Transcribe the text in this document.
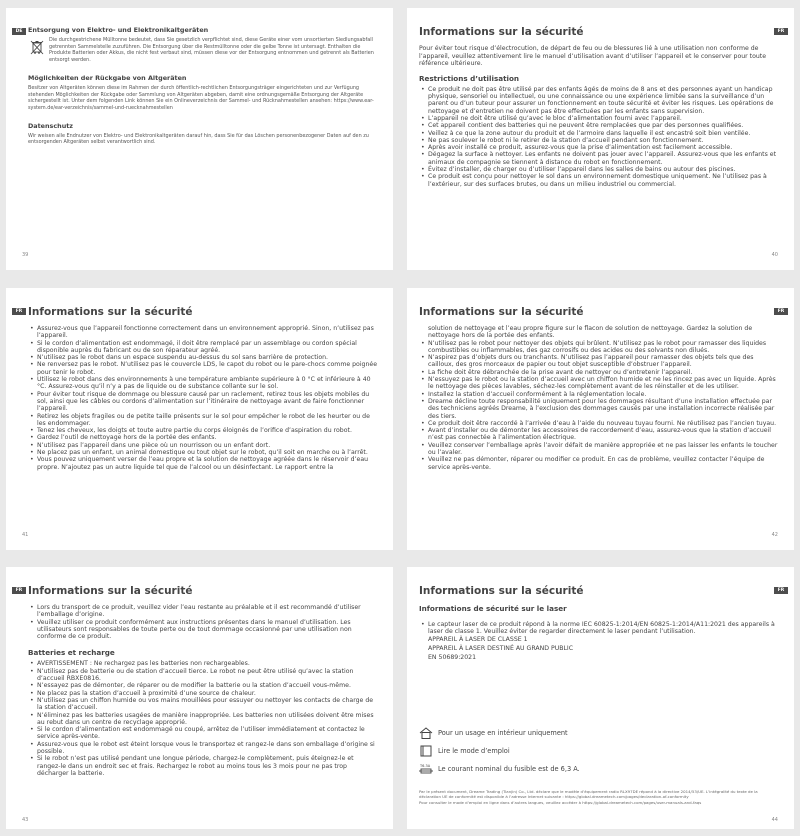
DE Entsorgung von Elektro- und Elektronikaltgeräten
Die durchgestrichene Mülltonne bedeutet, dass Sie gesetzlich verpflichtet sind, diese Geräte einer vom unsortierten Siedlungsabfall getrennten Sammelstelle zuzuführen. Die Entsorgung über die Restmülltonne oder die gelbe Tonne ist untersagt. Enthalten die Produkte Batterien oder Akkus, die nicht fest verbaut sind, müssen diese vor der Entsorgung entnommen und getrennt als Batterien entsorgt werden.
Möglichkeiten der Rückgabe von Altgeräten
Besitzer von Altgeräten können diese im Rahmen der durch öffentlich-rechtlichen Entsorgungsträger eingerichteten und zur Verfügung stehenden Möglichkeiten der Rückgabe oder Sammlung von Altgeräten abgeben, damit eine ordnungsgemäße Entsorgung der Altgeräte sichergestellt ist. Unter dem folgenden Link können Sie ein Onlineverzeichnis der Sammel- und Rücknahmestellen ansehen: https://www.ear-system.de/ear-verzeichnis/sammel-und-ruecknahmestellen
Datenschutz
Wir weisen alle Endnutzer von Elektro- und Elektronikaltgeräten darauf hin, dass Sie für das Löschen personenbezogener Daten auf den zu entsorgenden Altgeräten selbst verantwortlich sind.
39
FR
Informations sur la sécurité
Pour éviter tout risque d’électrocution, de départ de feu ou de blessures lié à une utilisation non conforme de l’appareil, veuillez attentivement lire le manuel d’utilisation avant d’utiliser l’appareil et le conserver pour toute référence ultérieure.
Restrictions d’utilisation
• Ce produit ne doit pas être utilisé par des enfants âgés de moins de 8 ans et des personnes ayant un handicap physique, sensoriel ou intellectuel, ou une connaissance ou une expérience limitée sans la surveillance d’un parent ou d’un tuteur pour assurer un fonctionnement en toute sécurité et éviter les risques. Les opérations de nettoyage et d’entretien ne doivent pas être effectuées par les enfants sans supervision.
• L’appareil ne doit être utilisé qu’avec le bloc d’alimentation fourni avec l’appareil.
• Cet appareil contient des batteries qui ne peuvent être remplacées que par des personnes qualifiées.
• Veillez à ce que la zone autour du produit et de l’armoire dans laquelle il est encastré soit bien ventilée.
• Ne pas soulever le robot ni le retirer de la station d’accueil pendant son fonctionnement.
• Après avoir installé ce produit, assurez-vous que la prise d’alimentation est facilement accessible.
• Dégagez la surface à nettoyer. Les enfants ne doivent pas jouer avec l’appareil. Assurez-vous que les enfants et animaux de compagnie se tiennent à distance du robot en fonctionnement.
• Évitez d’installer, de charger ou d’utiliser l’appareil dans les salles de bains ou autour des piscines.
• Ce produit est conçu pour nettoyer le sol dans un environnement domestique uniquement. Ne l’utilisez pas à l’extérieur, sur des surfaces brutes, ou dans un milieu industriel ou commercial.
40
FR Informations sur la sécurité
• Assurez-vous que l’appareil fonctionne correctement dans un environnement approprié. Sinon, n’utilisez pas l’appareil.
• Si le cordon d’alimentation est endommagé, il doit être remplacé par un assemblage ou cordon spécial disponible auprès du fabricant ou de son réparateur agréé.
• N’utilisez pas le robot dans un espace suspendu au-dessus du sol sans barrière de protection.
• Ne renversez pas le robot. N’utilisez pas le couvercle LDS, le capot du robot ou le pare-chocs comme poignée pour tenir le robot.
• Utilisez le robot dans des environnements à une température ambiante supérieure à 0 °C et inférieure à 40 °C. Assurez-vous qu’il n’y a pas de liquide ou de substance collante sur le sol.
• Pour éviter tout risque de dommage ou blessure causé par un raclement, retirez tous les objets mobiles du sol, ainsi que les câbles ou cordons d’alimentation sur l’itinéraire de nettoyage avant de faire fonctionner l’appareil.
• Retirez les objets fragiles ou de petite taille présents sur le sol pour empêcher le robot de les heurter ou de les endommager.
• Tenez les cheveux, les doigts et toute autre partie du corps éloignés de l’orifice d’aspiration du robot.
• Gardez l’outil de nettoyage hors de la portée des enfants.
• N’utilisez pas l’appareil dans une pièce où un nourrisson ou un enfant dort.
• Ne placez pas un enfant, un animal domestique ou tout objet sur le robot, qu’il soit en marche ou à l’arrêt.
• Vous pouvez uniquement verser de l’eau propre et la solution de nettoyage agréée dans le réservoir d’eau propre. N’ajoutez pas un autre liquide tel que de l’alcool ou un désinfectant. Le rapport entre la
41
FR
Informations sur la sécurité
solution de nettoyage et l’eau propre figure sur le flacon de solution de nettoyage. Gardez la solution de nettoyage hors de la portée des enfants.
• N’utilisez pas le robot pour nettoyer des objets qui brûlent. N’utilisez pas le robot pour ramasser des liquides combustibles ou inflammables, des gaz corrosifs ou des acides ou des solvants non dilués.
• N’aspirez pas d’objets durs ou tranchants. N’utilisez pas l’appareil pour ramasser des objets tels que des cailloux, des gros morceaux de papier ou tout objet susceptible d’obstruer l’appareil.
• La fiche doit être débranchée de la prise avant de nettoyer ou d’entretenir l’appareil.
• N’essuyez pas le robot ou la station d’accueil avec un chiffon humide et ne les rincez pas avec un liquide. Après le nettoyage des pièces lavables, séchez-les complètement avant de les réinstaller et de les utiliser.
• Installez la station d’accueil conformément à la réglementation locale.
• Dreame décline toute responsabilité uniquement pour les dommages résultant d’une installation effectuée par des techniciens agréés Dreame, à l’exclusion des dommages causés par une installation incorrecte réalisée par des tiers.
• Ce produit doit être raccordé à l’arrivée d’eau à l’aide du nouveau tuyau fourni. Ne réutilisez pas l’ancien tuyau.
• Avant d’installer ou de démonter les accessoires de raccordement d’eau, assurez-vous que la station d’accueil n’est pas connectée à l’alimentation électrique.
• Veuillez conserver l’emballage après l’avoir défait de manière appropriée et ne pas laisser les enfants le toucher ou l’avaler.
• Veuillez ne pas démonter, réparer ou modifier ce produit. En cas de problème, veuillez contacter l’équipe de service après-vente.
42
FR Informations sur la sécurité
• Lors du transport de ce produit, veuillez vider l’eau restante au préalable et il est recommandé d’utiliser l’emballage d’origine.
• Veuillez utiliser ce produit conformément aux instructions présentes dans le manuel d’utilisation. Les utilisateurs sont responsables de toute perte ou de tout dommage occasionné par une utilisation non conforme de ce produit.
Batteries et recharge
• AVERTISSEMENT : Ne rechargez pas les batteries non rechargeables.
• N’utilisez pas de batterie ou de station d’accueil tierce. Le robot ne peut être utilisé qu’avec la station d’accueil RBXE0816.
• N’essayez pas de démonter, de réparer ou de modifier la batterie ou la station d’accueil vous-même.
• Ne placez pas la station d’accueil à proximité d’une source de chaleur.
• N’utilisez pas un chiffon humide ou vos mains mouillées pour essuyer ou nettoyer les contacts de charge de la station d’accueil.
• N’éliminez pas les batteries usagées de manière inappropriée. Les batteries non utilisées doivent être mises au rebut dans un centre de recyclage approprié.
• Si le cordon d’alimentation est endommagé ou coupé, arrêtez de l’utiliser immédiatement et contactez le service après-vente.
• Assurez-vous que le robot est éteint lorsque vous le transportez et rangez-le dans son emballage d’origine si possible.
• Si le robot n’est pas utilisé pendant une longue période, chargez-le complètement, puis éteignez-le et rangez-le dans un endroit sec et frais. Rechargez le robot au moins tous les 3 mois pour ne pas trop décharger la batterie.
43
FR
Informations sur la sécurité
Informations de sécurité sur le laser
• Le capteur laser de ce produit répond à la norme IEC 60825-1:2014/EN 60825-1:2014/A11:2021 des appareils à laser de classe 1. Veuillez éviter de regarder directement le laser pendant l’utilisation.
APPAREIL À LASER DE CLASSE 1
APPAREIL À LASER DESTINÉ AU GRAND PUBLIC
EN 50689:2021
Pour un usage en intérieur uniquement
Lire le mode d’emploi
T6.3A Le courant nominal du fusible est de 6,3 A.
Par le présent document, Dreame Trading (Tianjin) Co., Ltd. déclare que le modèle d’équipement radio RLX97DE répond à la directive 2014/53/UE. L’intégralité du texte de la déclaration UE de conformité est disponible à l’adresse Internet suivante : https://global.dreametech.com/pages/declaration-of-conformity
Pour consulter le mode d’emploi en ligne dans d’autres langues, veuillez accéder à https://global.dreametech.com/pages/user-manuals-and-faqs
44
